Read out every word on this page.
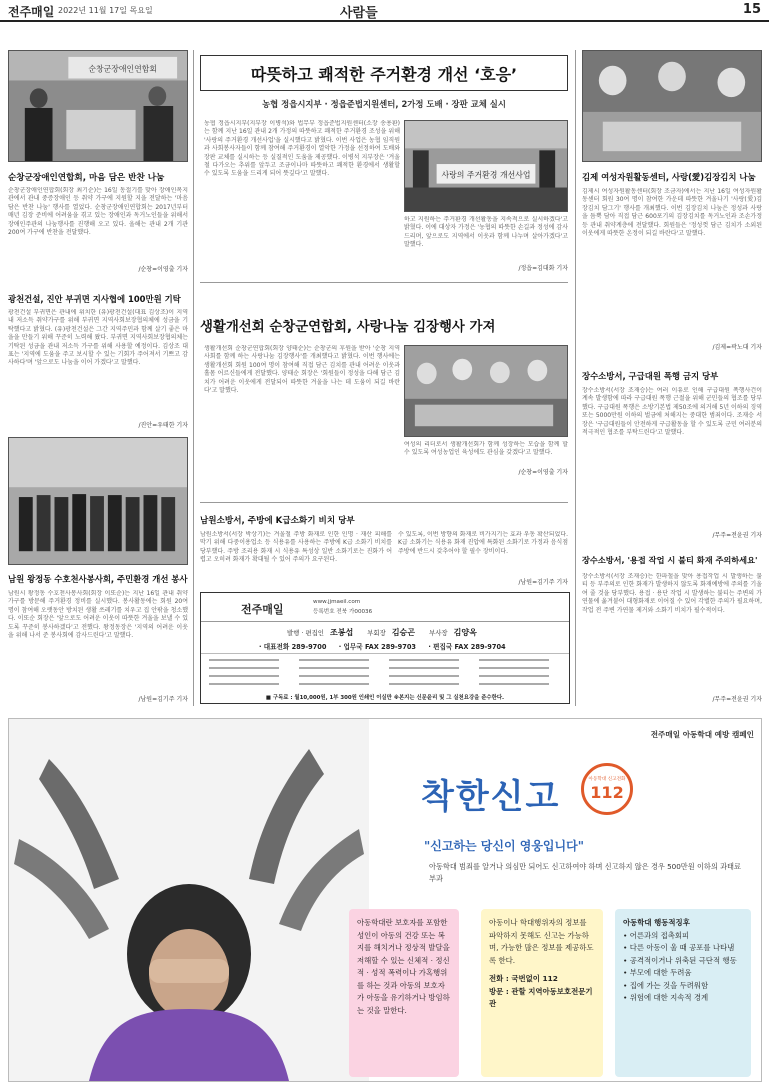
전주매일 2022년 11월 17일 목요일	사람들	15
순창군장애인연합회
순창군장애인연합회, 마음 담은 반찬 나눔
순창군장애인연합회(회장 최기순)는 16일 동절기를 맞아 장애인복지관에서 관내 중증장애인 등 취약 가구에 지원할 지을 전달하는 '마음 담은 반찬 나눔' 행사를 열었다. 순창군장애인연합회는 2017년부터 매년 김장 준비에 어려움을 겪고 있는 장애인과 독거노인들을 위해서 장애인주관의 나눔행사를 진행해 오고 있다. 올해는 관내 2개 기관 200여 가구에 반찬을 전달했다.
/순창=이영출 기자
광천건설, 진안 부귀면 지사협에 100만원 기탁
광천건설 부귀면은 관내에 위치한 (유)광천건설(대표 김상조)이 지역 내 저소득 취약가구를 위해 부귀면 지역사회보장협의체에 성금을 기탁했다고 밝혔다. (유)광천건설은 그간 지역주민과 함께 살기 좋은 마을을 만들기 위해 꾸준히 노력해 왔다. 부귀면 지역사회보장협의체는 기탁된 성금을 관내 저소득 가구를 위해 사용할 예정이다. 김상조 대표는 '지역에 도움을 주고 보시할 수 있는 기회가 주어져서 기쁘고 감사하다'며 '앞으로도 나눔을 이어 가겠다'고 말했다.
/진안=우태한 기자
남원 왕정동 수호천사봉사회, 주민환경 개선 봉사
남원시 왕정동 수호천사봉사회(회장 이또순)는 지난 16일 관내 취약가구를 방문해 주거환경 정비를 실시했다. 봉사활동에는 회원 20여 명이 참여해 오랫동안 방치된 생활 쓰레기를 치우고 집 안팎을 청소했다. 이또순 회장은 '앞으로도 어려운 이웃이 따뜻한 겨울을 보낼 수 있도록 꾸준히 봉사하겠다'고 전했다. 왕정동장은 '지역의 어려운 이웃을 위해 나서 준 봉사회에 감사드린다'고 말했다.
/남원=김기주 기자
따뜻하고 쾌적한 주거환경 개선 ‘호응’
농협 정읍시지부 · 정읍준법지원센터, 2가정 도배 · 장판 교체 실시
농협 정읍시지부(지부장 이병석)와 법무부 정읍준법지원센터(소장 송용환)는 함께 지난 16일 관내 2개 가정의 따뜻하고 쾌적한 주거환경 조성을 위해 '사랑의 주거환경 개선사업'을 실시했다고 밝혔다. 이번 사업은 농협 임직원과 사회봉사자들이 함께 참여해 주거환경이 열악한 가정을 선정하여 도배와 장판 교체를 실시하는 등 실질적인 도움을 제공했다. 이병석 지부장은 '겨울철 다가오는 추위를 앞두고 조금이나마 따뜻하고 쾌적한 환경에서 생활할 수 있도록 도움을 드리게 되어 뜻깊다'고 말했다.	사랑의 주거환경 개선사업
하고 지원하는 주거환경 개선활동을 지속적으로 실시하겠다'고 밝혔다. 이에 대상자 가정은 '농협의 따뜻한 손길과 정성에 감사드리며, 앞으로도 지역에서 이웃과 함께 나누며 살아가겠다'고 말했다.
/정읍=김대화 기자
생활개선회 순창군연합회, 사랑나눔 김장행사 가져
생활개선회 순창군연합회(회장 양태순)는 순창군의 후원을 받아 '순창 지역사회를 함께 하는 사랑나눔 김장행사'를 개최했다고 밝혔다. 이번 행사에는 생활개선회 회원 100여 명이 참여해 직접 담근 김치를 관내 어려운 이웃과 홀몸 어르신들에게 전달했다. 양태순 회장은 '회원들이 정성을 다해 담근 김치가 어려운 이웃에게 전달되어 따뜻한 겨울을 나는 데 도움이 되길 바란다'고 말했다.
여성의 리더로서 생활개선회가 함께 성장하는 모습을 함께 할 수 있도록 여성농업인 육성에도 관심을 갖겠다'고 말했다.
/순창=이영출 기자
남원소방서, 주방에 K급소화기 비치 당부
남원소방서(서장 박상기)는 겨울철 주방 화재로 인한 인명 · 재산 피해를 막기 위해 다중이용업소 등 식용유를 사용하는 주방에 K급 소화기 비치를 당부했다. 주방 조리용 화재 시 식용유 특성상 일반 소화기로는 진화가 어렵고 오히려 화재가 확대될 수 있어 주의가 요구된다.
수 있도록, 이번 방향의 화재로 비가지기는 효과 우동 확산되었다. K급 소화기는 식용유 화재 진압에 특화된 소화기로 가정과 음식점 주방에 반드시 갖추어야 할 필수 장비이다.
/남원=김기주 기자
전주매일
www.jjmaeil.com
등록번호 전북 가00036
발행 · 편집인 조봉섭 부회장 김승곤 부사장 김양옥
· 대표전화 289-9700 · 업무국 FAX 289-9703 · 편집국 FAX 289-9704
■ 구독료 : 월10,000원, 1부 300원 인쇄인 이실만 ※본지는 신문윤리 및 그 실천요강을 준수한다.
김제 여성자원활동센터, 사랑(愛)김장김치 나눔
김제시 여성자원활동센터(회장 조금자)에서는 지난 16일 여성자원활동센터 회원 30여 명이 참여한 가운데 따뜻한 겨울나기 '사랑(愛)김장김치 담그기' 행사를 개최했다. 이번 김장김치 나눔은 정성과 사랑을 듬뿍 담아 직접 담근 600포기의 김장김치를 독거노인과 조손가정 등 관내 취약계층에 전달했다. 회원들은 '정성껏 담근 김치가 소외된 이웃에게 따뜻한 온정이 되길 바란다'고 말했다.
/김제=곽노대 기자
장수소방서, 구급대원 폭행 금지 당부
장수소방서(서장 조재승)는 여러 이유로 인해 구급대원 폭행사건이 계속 발생함에 따라 구급대원 폭행 근절을 위해 군민들의 협조를 당부했다. 구급대원 폭행은 소방기본법 제50조에 의거해 5년 이하의 징역 또는 5000만원 이하의 벌금에 처해지는 중대한 범죄이다. 조재승 서장은 '구급대원들이 안전하게 구급활동을 할 수 있도록 군민 여러분의 적극적인 협조를 부탁드린다'고 말했다.
/무주=전윤권 기자
장수소방서, '용접 작업 시 불티 화재 주의하세요'
장수소방서(서장 조재승)는 한파철을 맞아 용접작업 시 발생하는 불티 등 부주의로 인한 화재가 발생하지 않도록 화재예방에 주의를 기울여 줄 것을 당부했다. 용접 · 용단 작업 시 발생하는 불티는 주변의 가연물에 옮겨붙어 대형화재로 이어질 수 있어 각별한 주의가 필요하며, 작업 전 주변 가연물 제거와 소화기 비치가 필수적이다.
/무주=전윤권 기자
전주매일 아동학대 예방 캠페인
착한신고	아동학대 신고전화
112
"신고하는 당신이 영웅입니다"
아동학대 범죄를 알거나 의심만 되어도 신고하여야 하며 신고하지 않은 경우 500만원 이하의 과태료 부과
아동학대란 보호자를 포함한 성인이 아동의 건강 또는 복지를 해치거나 정상적 발달을 저해할 수 있는 신체적 · 정신적 · 성적 폭력이나 가혹행위를 하는 것과 아동의 보호자가 아동을 유기하거나 방임하는 것을 말한다.
아동이나 학대행위자의 정보를 파악하지 못해도 신고는 가능하며, 가능한 많은 정보를 제공하도록 한다.
전화 : 국번없이 112
방문 : 관할 지역아동보호전문기관
아동학대 행동적징후
• 어른과의 접촉회피
• 다른 아동이 울 때 공포를 나타냄
• 공격적이거나 위축된 극단적 행동
• 부모에 대한 두려움
• 집에 가는 것을 두려워함
• 위험에 대한 지속적 경계
